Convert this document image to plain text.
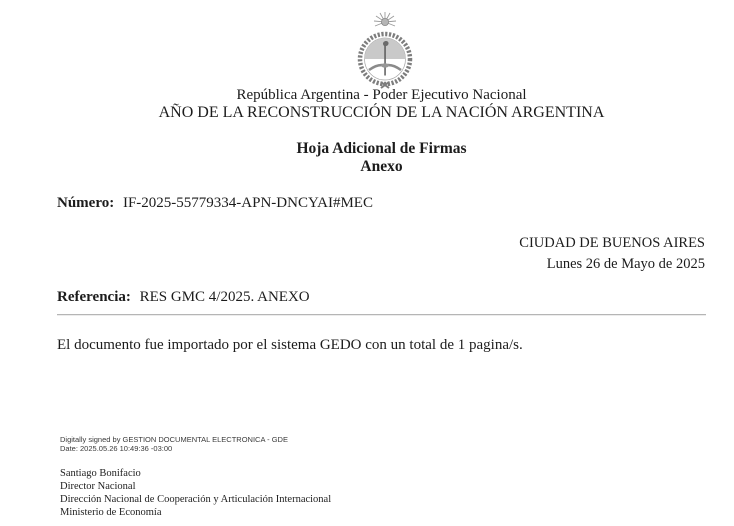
República Argentina - Poder Ejecutivo Nacional
AÑO DE LA RECONSTRUCCIÓN DE LA NACIÓN ARGENTINA
Hoja Adicional de Firmas
Anexo
Número: IF-2025-55779334-APN-DNCYAI#MEC
CIUDAD DE BUENOS AIRES
Lunes 26 de Mayo de 2025
Referencia: RES GMC 4/2025. ANEXO
El documento fue importado por el sistema GEDO con un total de 1 pagina/s.
Digitally signed by GESTION DOCUMENTAL ELECTRONICA - GDE
Date: 2025.05.26 10:49:36 -03:00
Santiago Bonifacio
Director Nacional
Dirección Nacional de Cooperación y Articulación Internacional
Ministerio de Economía
